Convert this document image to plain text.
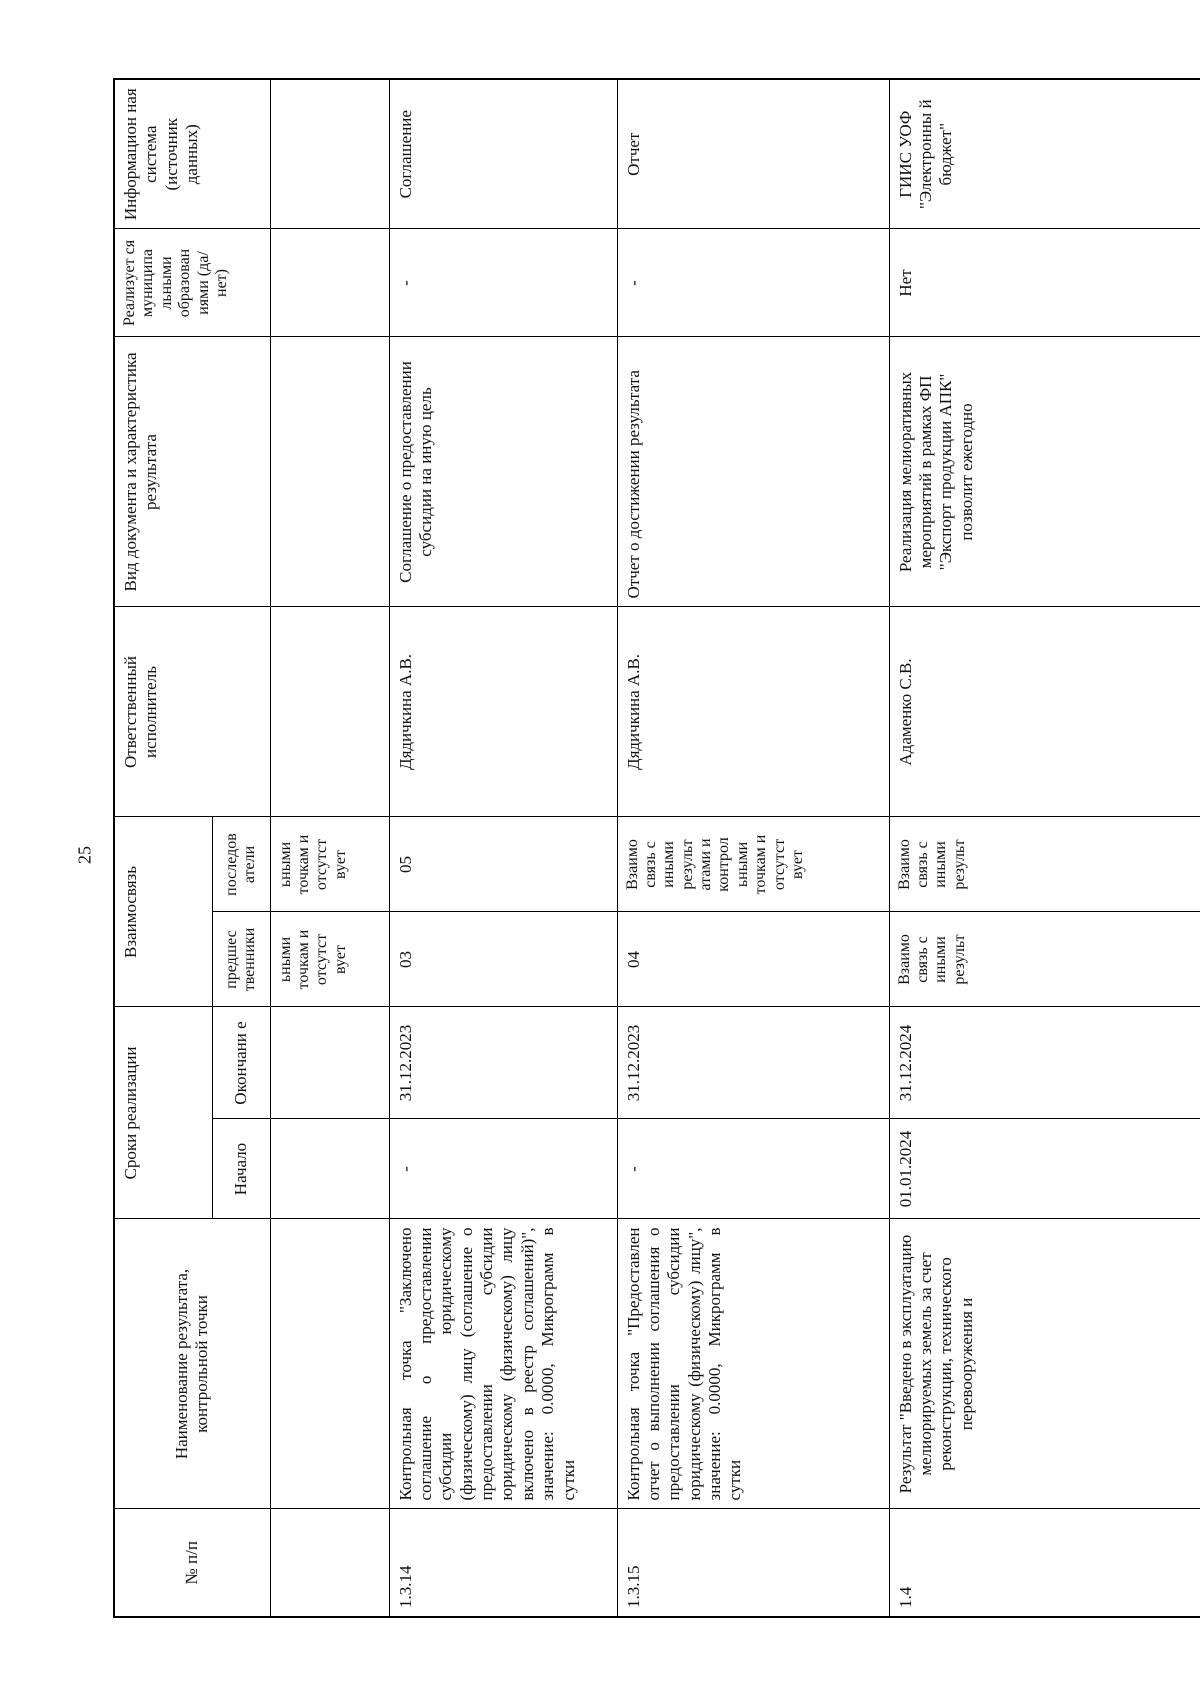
25
№ п/п	Наименование результата, контрольной точки	Сроки реализации		Взаимосвязь		Ответственный исполнитель	Вид документа и характеристика результата	Реализует ся муниципа льными образован иями (да/нет)	Информацион ная система (источник данных)
		Начало	Окончани е	предшес твенники	последов атели				
				ьными точкам и отсутст вует	ьными точкам и отсутст вует				
1.3.14	Контрольная точка "Заключено соглашение о предоставлении субсидии юридическому (физическому) лицу (соглашение о предоставлении субсидии юридическому (физическому) лицу включено в реестр соглашений)", значение: 0.0000, Микрограмм в сутки	-	31.12.2023	03	05	Дядичкина А.В.	Соглашение о предоставлении субсидии на иную цель	-	Соглашение
1.3.15	Контрольная точка "Предоставлен отчет о выполнении соглашения о предоставлении субсидии юридическому (физическому) лицу", значение: 0.0000, Микрограмм в сутки	-	31.12.2023	04	Взаимо связь с иными результ атами и контрол ьными точкам и отсутст вует	Дядичкина А.В.	Отчет о достижении результата	-	Отчет
1.4	Результат "Введено в эксплуатацию мелиорируемых земель за счет реконструкции, технического перевооружения и	01.01.2024	31.12.2024	Взаимо связь с иными результ	Взаимо связь с иными результ	Адаменко С.В.	Реализация мелиоративных мероприятий в рамках ФП "Экспорт продукции АПК" позволит ежегодно	Нет	ГИИС УОФ "Электронны й бюджет"
